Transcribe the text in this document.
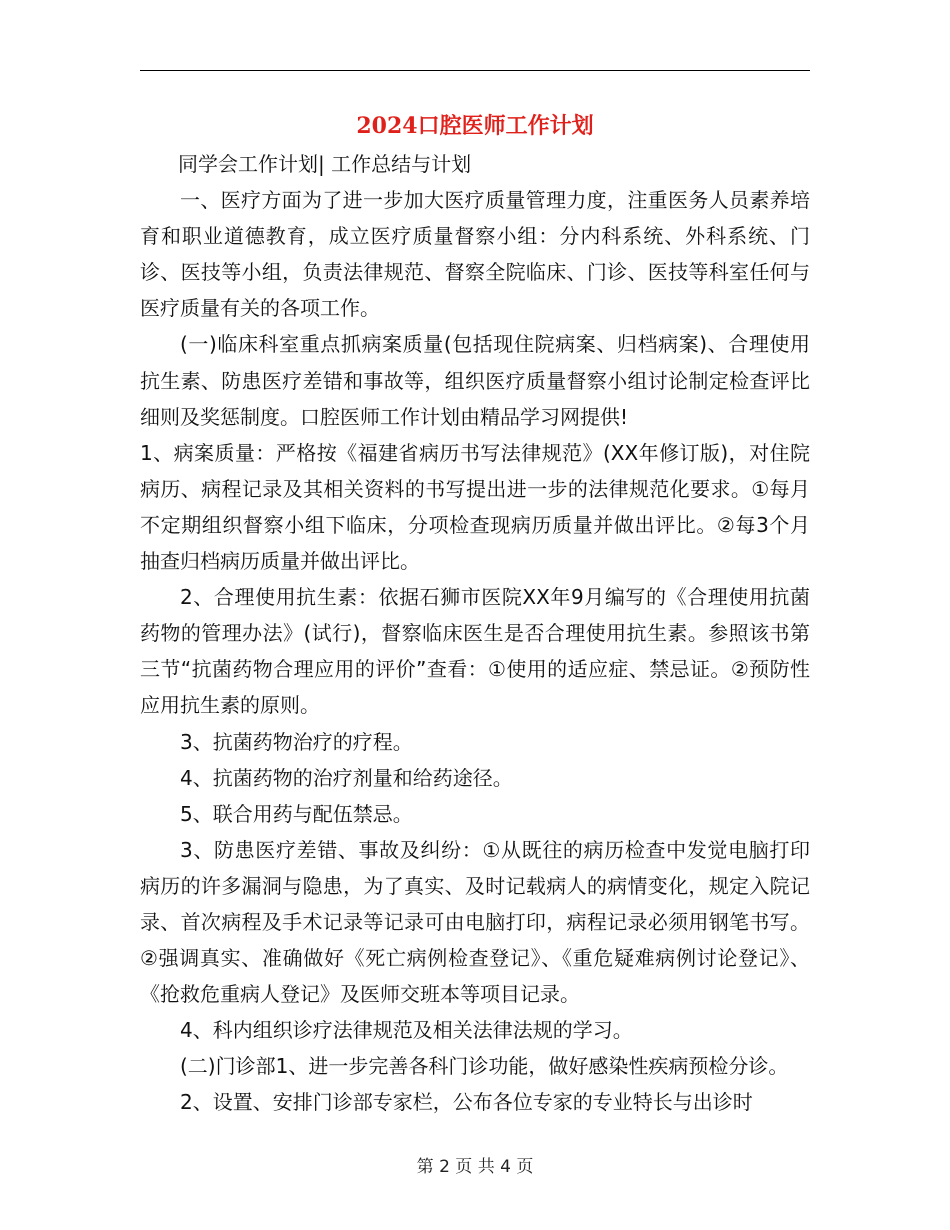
2024口腔医师工作计划

同学会工作计划| 工作总结与计划

一、医疗方面为了进一步加大医疗质量管理力度，注重医务人员素养培育和职业道德教育，成立医疗质量督察小组：分内科系统、外科系统、门诊、医技等小组，负责法律规范、督察全院临床、门诊、医技等科室任何与医疗质量有关的各项工作。

(一)临床科室重点抓病案质量(包括现住院病案、归档病案)、合理使用抗生素、防患医疗差错和事故等，组织医疗质量督察小组讨论制定检查评比细则及奖惩制度。口腔医师工作计划由精品学习网提供!

1、病案质量：严格按《福建省病历书写法律规范》(XX年修订版)，对住院病历、病程记录及其相关资料的书写提出进一步的法律规范化要求。①每月不定期组织督察小组下临床，分项检查现病历质量并做出评比。②每3个月抽查归档病历质量并做出评比。

2、合理使用抗生素：依据石狮市医院XX年9月编写的《合理使用抗菌药物的管理办法》(试行)，督察临床医生是否合理使用抗生素。参照该书第三节“抗菌药物合理应用的评价”查看：①使用的适应症、禁忌证。②预防性应用抗生素的原则。

3、抗菌药物治疗的疗程。

4、抗菌药物的治疗剂量和给药途径。

5、联合用药与配伍禁忌。

3、防患医疗差错、事故及纠纷：①从既往的病历检查中发觉电脑打印病历的许多漏洞与隐患，为了真实、及时记载病人的病情变化，规定入院记录、首次病程及手术记录等记录可由电脑打印，病程记录必须用钢笔书写。②强调真实、准确做好《死亡病例检查登记》、《重危疑难病例讨论登记》、《抢救危重病人登记》及医师交班本等项目记录。

4、科内组织诊疗法律规范及相关法律法规的学习。

(二)门诊部1、进一步完善各科门诊功能，做好感染性疾病预检分诊。

2、设置、安排门诊部专家栏，公布各位专家的专业特长与出诊时

第 2 页 共 4 页
